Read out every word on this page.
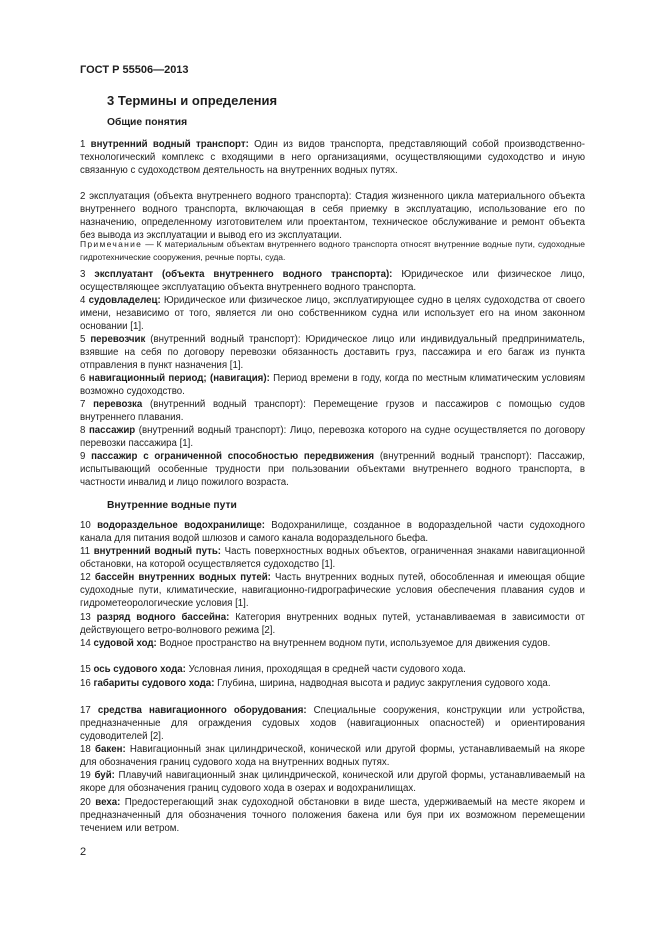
ГОСТ Р 55506—2013
3 Термины и определения
Общие понятия
1 внутренний водный транспорт: Один из видов транспорта, представляющий собой производственно-технологический комплекс с входящими в него организациями, осуществляющими судоходство и иную связанную с судоходством деятельность на внутренних водных путях.
2 эксплуатация (объекта внутреннего водного транспорта): Стадия жизненного цикла материального объекта внутреннего водного транспорта, включающая в себя приемку в эксплуатацию, использование его по назначению, определенному изготовителем или проектантом, техническое обслуживание и ремонт объекта без вывода из эксплуатации и вывод его из эксплуатации.
Примечание — К материальным объектам внутреннего водного транспорта относят внутренние водные пути, судоходные гидротехнические сооружения, речные порты, суда.
3 эксплуатант (объекта внутреннего водного транспорта): Юридическое или физическое лицо, осуществляющее эксплуатацию объекта внутреннего водного транспорта.
4 судовладелец: Юридическое или физическое лицо, эксплуатирующее судно в целях судоходства от своего имени, независимо от того, является ли оно собственником судна или использует его на ином законном основании [1].
5 перевозчик (внутренний водный транспорт): Юридическое лицо или индивидуальный предприниматель, взявшие на себя по договору перевозки обязанность доставить груз, пассажира и его багаж из пункта отправления в пункт назначения [1].
6 навигационный период; (навигация): Период времени в году, когда по местным климатическим условиям возможно судоходство.
7 перевозка (внутренний водный транспорт): Перемещение грузов и пассажиров с помощью судов внутреннего плавания.
8 пассажир (внутренний водный транспорт): Лицо, перевозка которого на судне осуществляется по договору перевозки пассажира [1].
9 пассажир с ограниченной способностью передвижения (внутренний водный транспорт): Пассажир, испытывающий особенные трудности при пользовании объектами внутреннего водного транспорта, в частности инвалид и лицо пожилого возраста.
Внутренние водные пути
10 водораздельное водохранилище: Водохранилище, созданное в водораздельной части судоходного канала для питания водой шлюзов и самого канала водораздельного бьефа.
11 внутренний водный путь: Часть поверхностных водных объектов, ограниченная знаками навигационной обстановки, на которой осуществляется судоходство [1].
12 бассейн внутренних водных путей: Часть внутренних водных путей, обособленная и имеющая общие судоходные пути, климатические, навигационно-гидрографические условия обеспечения плавания судов и гидрометеорологические условия [1].
13 разряд водного бассейна: Категория внутренних водных путей, устанавливаемая в зависимости от действующего ветро-волнового режима [2].
14 судовой ход: Водное пространство на внутреннем водном пути, используемое для движения судов.
15 ось судового хода: Условная линия, проходящая в средней части судового хода.
16 габариты судового хода: Глубина, ширина, надводная высота и радиус закругления судового хода.
17 средства навигационного оборудования: Специальные сооружения, конструкции или устройства, предназначенные для ограждения судовых ходов (навигационных опасностей) и ориентирования судоводителей [2].
18 бакен: Навигационный знак цилиндрической, конической или другой формы, устанавливаемый на якоре для обозначения границ судового хода на внутренних водных путях.
19 буй: Плавучий навигационный знак цилиндрической, конической или другой формы, устанавливаемый на якоре для обозначения границ судового хода в озерах и водохранилищах.
20 веха: Предостерегающий знак судоходной обстановки в виде шеста, удерживаемый на месте якорем и предназначенный для обозначения точного положения бакена или буя при их возможном перемещении течением или ветром.
2
